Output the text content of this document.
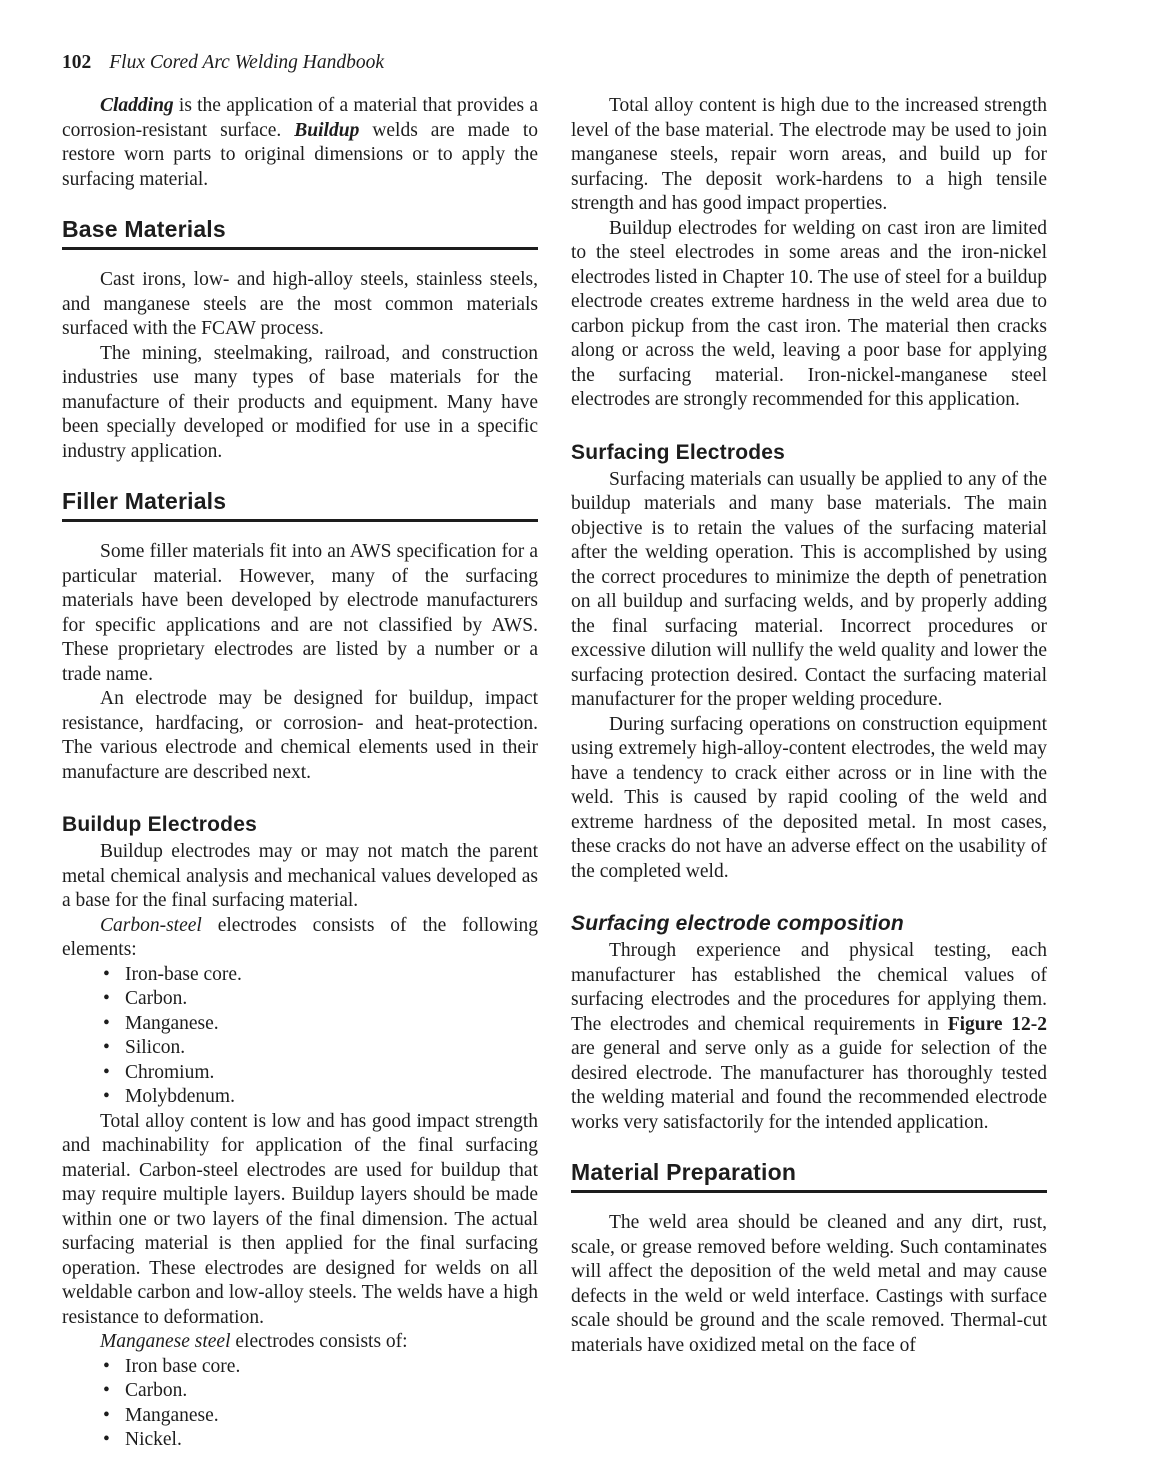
102 Flux Cored Arc Welding Handbook

Cladding is the application of a material that provides a corrosion-resistant surface. Buildup welds are made to restore worn parts to original dimensions or to apply the surfacing material.

Base Materials

Cast irons, low- and high-alloy steels, stainless steels, and manganese steels are the most common materials surfaced with the FCAW process.

The mining, steelmaking, railroad, and construction industries use many types of base materials for the manufacture of their products and equipment. Many have been specially developed or modified for use in a specific industry application.

Filler Materials

Some filler materials fit into an AWS specification for a particular material. However, many of the surfacing materials have been developed by electrode manufacturers for specific applications and are not classified by AWS. These proprietary electrodes are listed by a number or a trade name.

An electrode may be designed for buildup, impact resistance, hardfacing, or corrosion- and heat-protection. The various electrode and chemical elements used in their manufacture are described next.

Buildup Electrodes

Buildup electrodes may or may not match the parent metal chemical analysis and mechanical values developed as a base for the final surfacing material.

Carbon-steel electrodes consists of the following elements:

• Iron-base core.
• Carbon.
• Manganese.
• Silicon.
• Chromium.
• Molybdenum.

Total alloy content is low and has good impact strength and machinability for application of the final surfacing material. Carbon-steel electrodes are used for buildup that may require multiple layers. Buildup layers should be made within one or two layers of the final dimension. The actual surfacing material is then applied for the final surfacing operation. These electrodes are designed for welds on all weldable carbon and low-alloy steels. The welds have a high resistance to deformation.

Manganese steel electrodes consists of:

• Iron base core.
• Carbon.
• Manganese.
• Nickel.

Total alloy content is high due to the increased strength level of the base material. The electrode may be used to join manganese steels, repair worn areas, and build up for surfacing. The deposit work-hardens to a high tensile strength and has good impact properties.

Buildup electrodes for welding on cast iron are limited to the steel electrodes in some areas and the iron-nickel electrodes listed in Chapter 10. The use of steel for a buildup electrode creates extreme hardness in the weld area due to carbon pickup from the cast iron. The material then cracks along or across the weld, leaving a poor base for applying the surfacing material. Iron-nickel-manganese steel electrodes are strongly recommended for this application.

Surfacing Electrodes

Surfacing materials can usually be applied to any of the buildup materials and many base materials. The main objective is to retain the values of the surfacing material after the welding operation. This is accomplished by using the correct procedures to minimize the depth of penetration on all buildup and surfacing welds, and by properly adding the final surfacing material. Incorrect procedures or excessive dilution will nullify the weld quality and lower the surfacing protection desired. Contact the surfacing material manufacturer for the proper welding procedure.

During surfacing operations on construction equipment using extremely high-alloy-content electrodes, the weld may have a tendency to crack either across or in line with the weld. This is caused by rapid cooling of the weld and extreme hardness of the deposited metal. In most cases, these cracks do not have an adverse effect on the usability of the completed weld.

Surfacing electrode composition

Through experience and physical testing, each manufacturer has established the chemical values of surfacing electrodes and the procedures for applying them. The electrodes and chemical requirements in Figure 12-2 are general and serve only as a guide for selection of the desired electrode. The manufacturer has thoroughly tested the welding material and found the recommended electrode works very satisfactorily for the intended application.

Material Preparation

The weld area should be cleaned and any dirt, rust, scale, or grease removed before welding. Such contaminates will affect the deposition of the weld metal and may cause defects in the weld or weld interface. Castings with surface scale should be ground and the scale removed. Thermal-cut materials have oxidized metal on the face of
